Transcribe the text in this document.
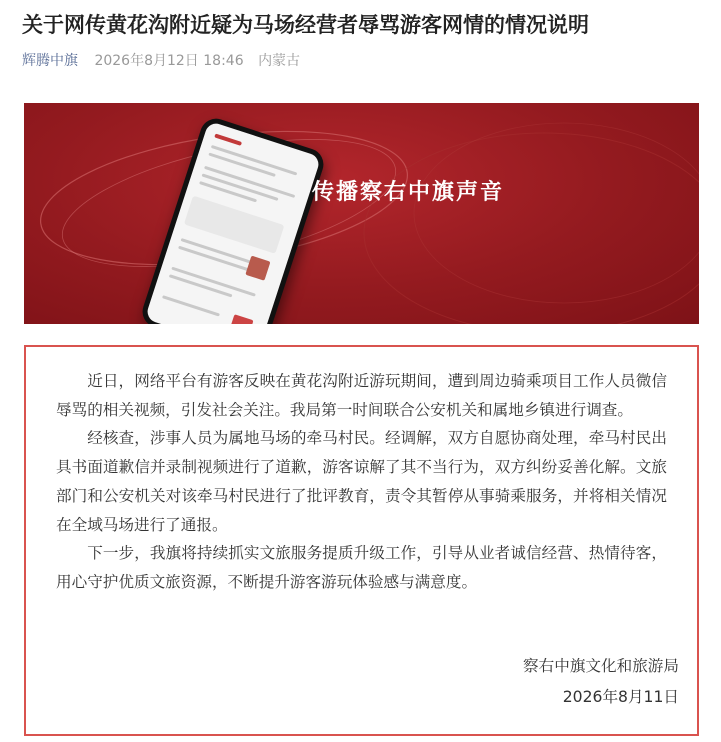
关于网传黄花沟附近疑为马场经营者辱骂游客网情的情况说明
辉腾中旗 2026年8月12日 18:46 内蒙古
传播察右中旗声音

近日，网络平台有游客反映在黄花沟附近游玩期间，遭到周边骑乘项目工作人员微信辱骂的相关视频，引发社会关注。我局第一时间联合公安机关和属地乡镇进行调查。

经核查，涉事人员为属地马场的牵马村民。经调解，双方自愿协商处理，牵马村民出具书面道歉信并录制视频进行了道歉，游客谅解了其不当行为，双方纠纷妥善化解。文旅部门和公安机关对该牵马村民进行了批评教育，责令其暂停从事骑乘服务，并将相关情况在全域马场进行了通报。

下一步，我旗将持续抓实文旅服务提质升级工作，引导从业者诚信经营、热情待客，用心守护优质文旅资源，不断提升游客游玩体验感与满意度。

察右中旗文化和旅游局
2026年8月11日
